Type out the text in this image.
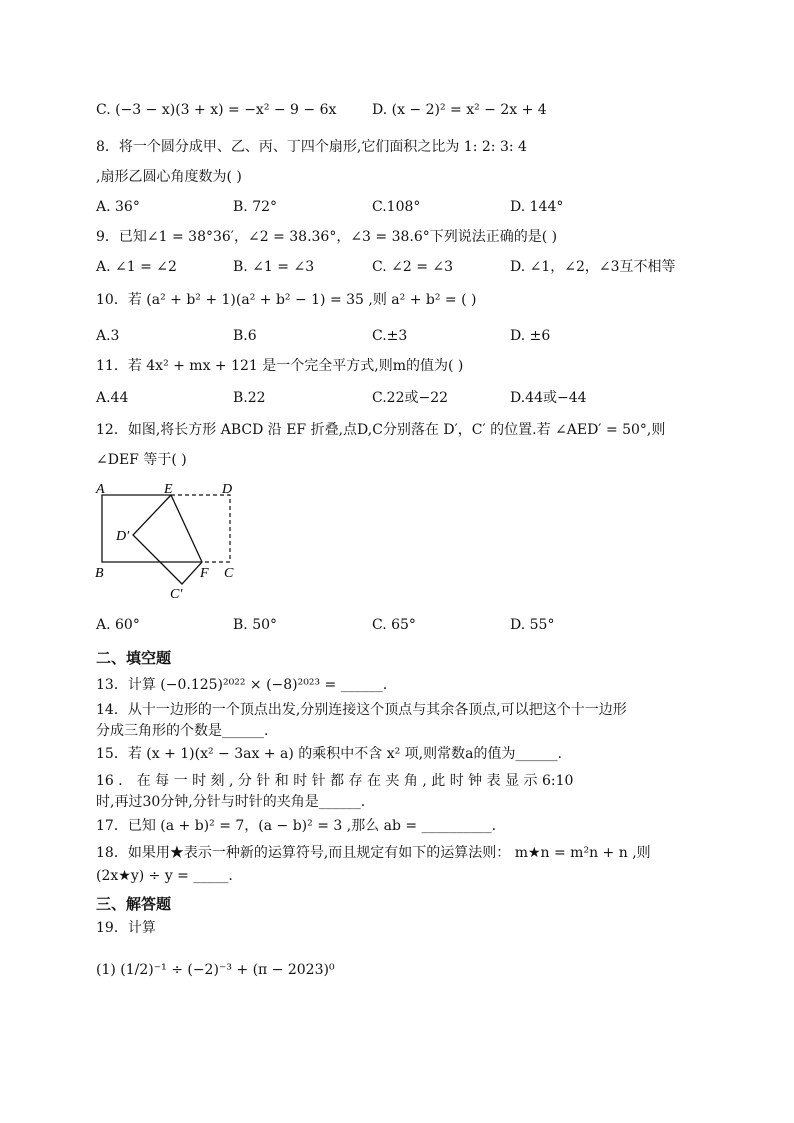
C. (−3 − x)(3 + x) = −x² − 9 − 6x	D. (x − 2)² = x² − 2x + 4
8．将一个圆分成甲、乙、丙、丁四个扇形,它们面积之比为 1: 2: 3: 4
,扇形乙圆心角度数为( )
A. 36°	B. 72°	C.108°	D. 144°
9．已知∠1 = 38°36′，∠2 = 38.36°，∠3 = 38.6°下列说法正确的是( )
A. ∠1 = ∠2	B. ∠1 = ∠3	C. ∠2 = ∠3	D. ∠1，∠2，∠3互不相等
10．若 (a² + b² + 1)(a² + b² − 1) = 35 ,则 a² + b² = ( )
A.3	B.6	C.±3	D. ±6
11．若 4x² + mx + 121 是一个完全平方式,则m的值为( )
A.44	B.22	C.22或−22	D.44或−44
12．如图,将长方形 ABCD 沿 EF 折叠,点D,C分别落在 D′，C′ 的位置.若 ∠AED′ = 50°,则
∠DEF 等于( )
A	E	D
D′
B	F C
C′
A. 60°	B. 50°	C. 65°	D. 55°
二、填空题
13．计算 (−0.125)²⁰²² × (−8)²⁰²³ = ______.
14．从十一边形的一个顶点出发,分别连接这个顶点与其余各顶点,可以把这个十一边形
分成三角形的个数是______.
15．若 (x + 1)(x² − 3ax + a) 的乘积中不含 x² 项,则常数a的值为______.
16 ． 在 每 一 时 刻 , 分 针 和 时 针 都 存 在 夹 角 , 此 时 钟 表 显 示 6:10
时,再过30分钟,分针与时针的夹角是______.
17．已知 (a + b)² = 7，(a − b)² = 3 ,那么 ab = __________.
18．如果用★表示一种新的运算符号,而且规定有如下的运算法则： m★n = m²n + n ,则
(2x★y) ÷ y = _____.
三、解答题
19．计算
(1) (1/2)⁻¹ ÷ (−2)⁻³ + (π − 2023)⁰
